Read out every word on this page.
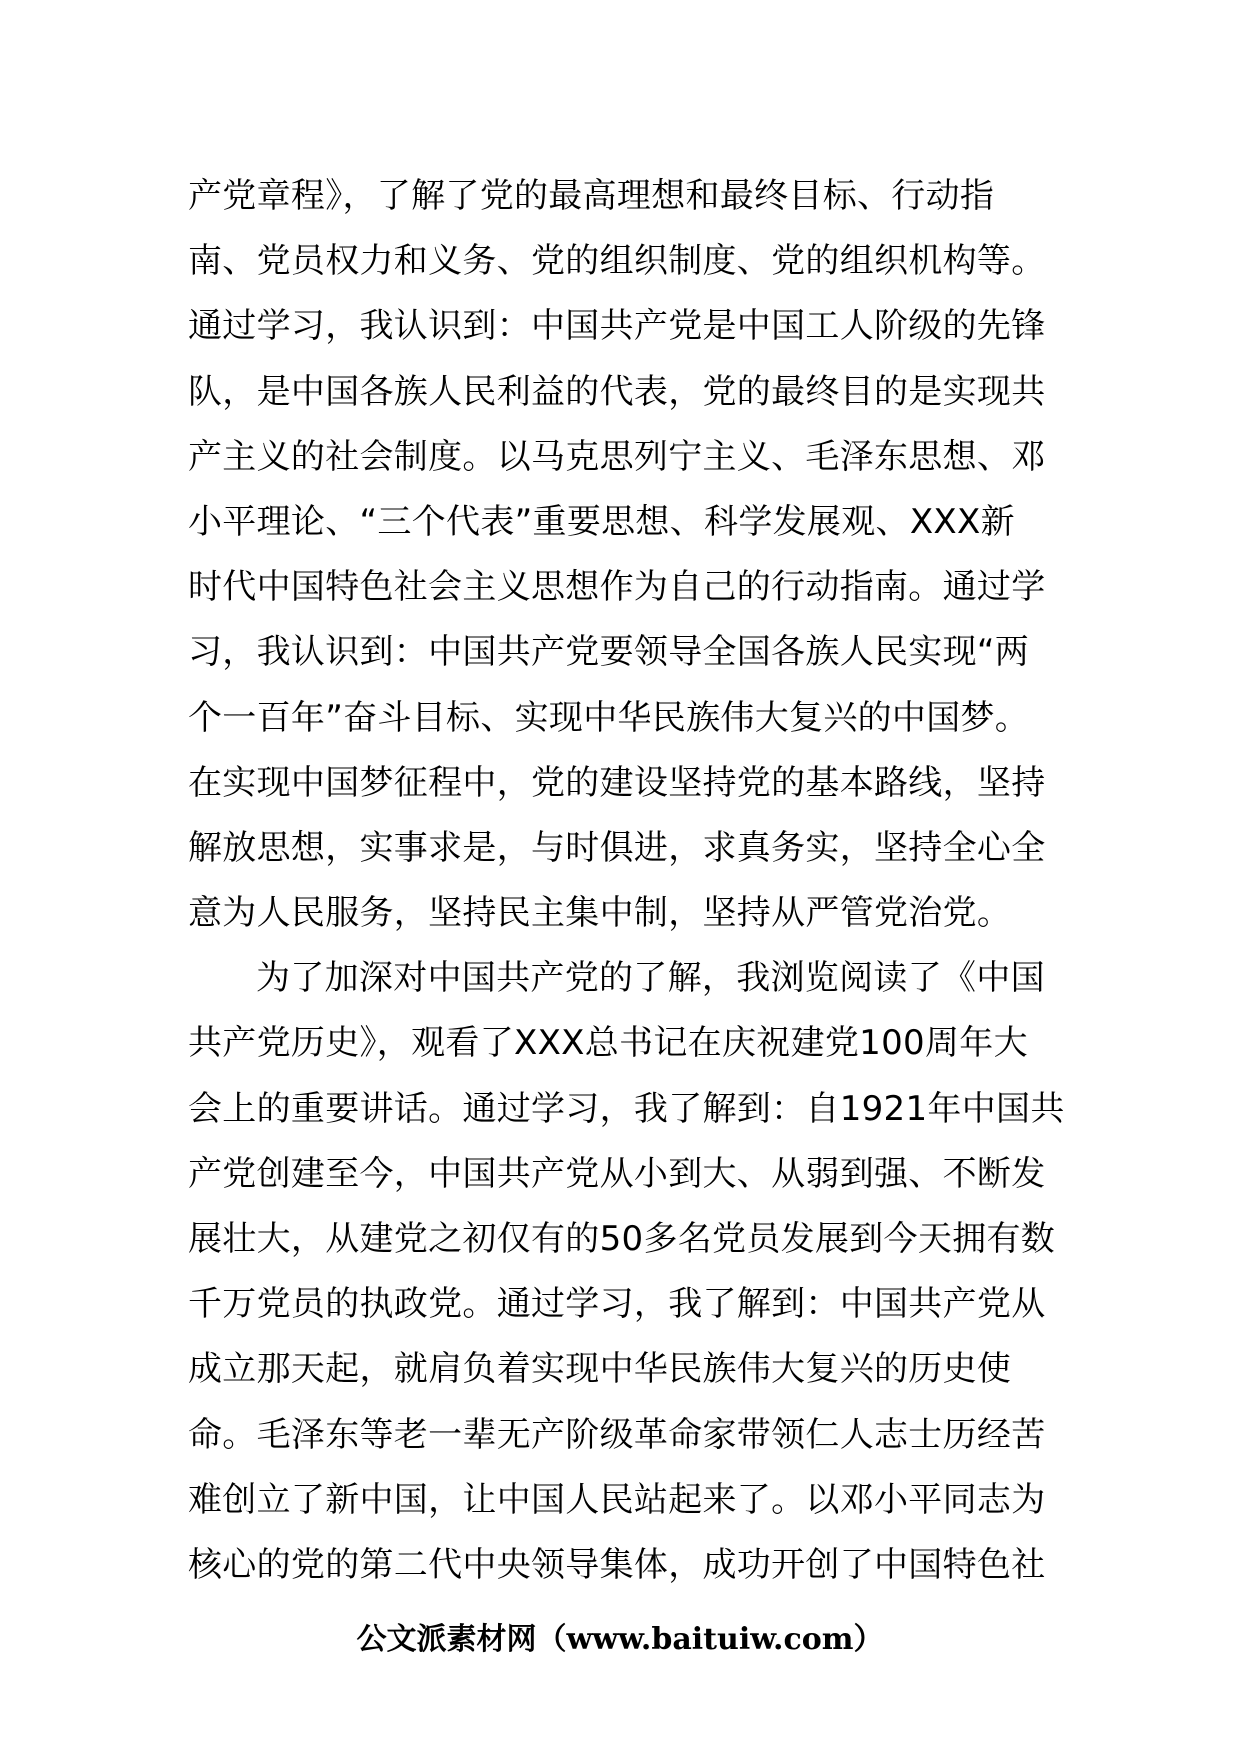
产党章程》，了解了党的最高理想和最终目标、行动指
南、党员权力和义务、党的组织制度、党的组织机构等。
通过学习，我认识到：中国共产党是中国工人阶级的先锋
队，是中国各族人民利益的代表，党的最终目的是实现共
产主义的社会制度。以马克思列宁主义、毛泽东思想、邓
小平理论、“三个代表”重要思想、科学发展观、XXX新
时代中国特色社会主义思想作为自己的行动指南。通过学
习，我认识到：中国共产党要领导全国各族人民实现“两
个一百年”奋斗目标、实现中华民族伟大复兴的中国梦。
在实现中国梦征程中，党的建设坚持党的基本路线，坚持
解放思想，实事求是，与时俱进，求真务实，坚持全心全
意为人民服务，坚持民主集中制，坚持从严管党治党。
为了加深对中国共产党的了解，我浏览阅读了《中国
共产党历史》，观看了XXX总书记在庆祝建党100周年大
会上的重要讲话。通过学习，我了解到：自1921年中国共
产党创建至今，中国共产党从小到大、从弱到强、不断发
展壮大，从建党之初仅有的50多名党员发展到今天拥有数
千万党员的执政党。通过学习，我了解到：中国共产党从
成立那天起，就肩负着实现中华民族伟大复兴的历史使
命。毛泽东等老一辈无产阶级革命家带领仁人志士历经苦
难创立了新中国，让中国人民站起来了。以邓小平同志为
核心的党的第二代中央领导集体，成功开创了中国特色社
公文派素材网（www.baituiw.com）
